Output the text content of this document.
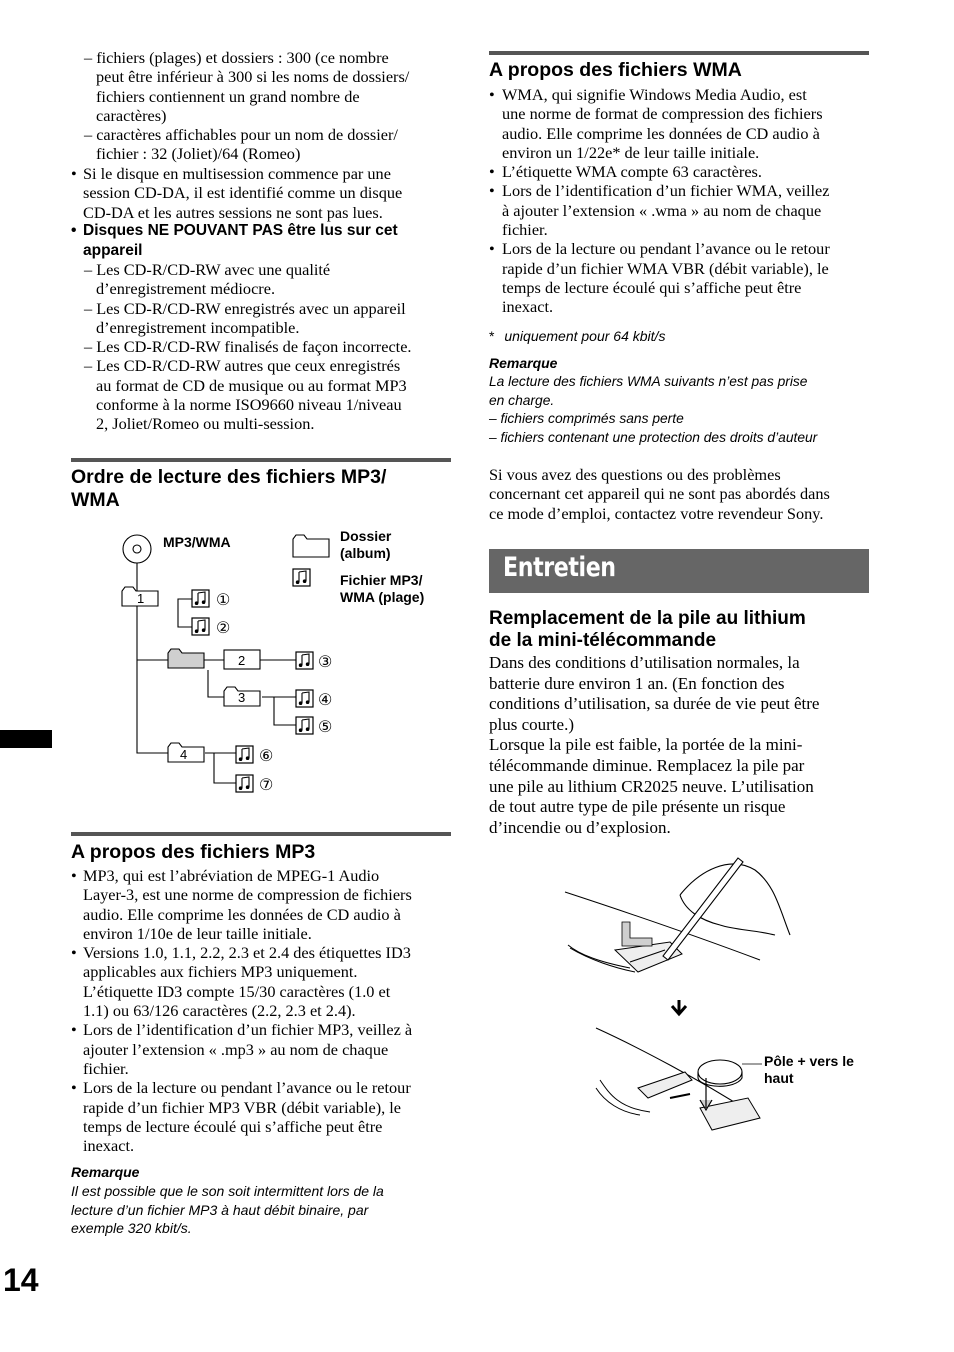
– fichiers (plages) et dossiers : 300 (ce nombre
peut être inférieur à 300 si les noms de dossiers/
fichiers contiennent un grand nombre de
caractères)
– caractères affichables pour un nom de dossier/
fichier : 32 (Joliet)/64 (Romeo)
• Si le disque en multisession commence par une
session CD-DA, il est identifié comme un disque
CD-DA et les autres sessions ne sont pas lues.
• Disques NE POUVANT PAS être lus sur cet
appareil
– Les CD-R/CD-RW avec une qualité
d’enregistrement médiocre.
– Les CD-R/CD-RW enregistrés avec un appareil
d’enregistrement incompatible.
– Les CD-R/CD-RW finalisés de façon incorrecte.
– Les CD-R/CD-RW autres que ceux enregistrés
au format de CD de musique ou au format MP3
conforme à la norme ISO9660 niveau 1/niveau
2, Joliet/Romeo ou multi-session.
Ordre de lecture des fichiers MP3/
WMA
MP3/WMA	Dossier
(album)
Fichier MP3/
WMA (plage)
1
2
3
4
①
②
③
④
⑤
⑥
⑦
A propos des fichiers MP3
• MP3, qui est l’abréviation de MPEG-1 Audio
Layer-3, est une norme de compression de fichiers
audio. Elle comprime les données de CD audio à
environ 1/10e de leur taille initiale.
• Versions 1.0, 1.1, 2.2, 2.3 et 2.4 des étiquettes ID3
applicables aux fichiers MP3 uniquement.
L’étiquette ID3 compte 15/30 caractères (1.0 et
1.1) ou 63/126 caractères (2.2, 2.3 et 2.4).
• Lors de l’identification d’un fichier MP3, veillez à
ajouter l’extension « .mp3 » au nom de chaque
fichier.
• Lors de la lecture ou pendant l’avance ou le retour
rapide d’un fichier MP3 VBR (débit variable), le
temps de lecture écoulé qui s’affiche peut être
inexact.
Remarque
Il est possible que le son soit intermittent lors de la
lecture d’un fichier MP3 à haut débit binaire, par
exemple 320 kbit/s.
14
A propos des fichiers WMA
• WMA, qui signifie Windows Media Audio, est
une norme de format de compression des fichiers
audio. Elle comprime les données de CD audio à
environ un 1/22e* de leur taille initiale.
• L’étiquette WMA compte 63 caractères.
• Lors de l’identification d’un fichier WMA, veillez
à ajouter l’extension « .wma » au nom de chaque
fichier.
• Lors de la lecture ou pendant l’avance ou le retour
rapide d’un fichier WMA VBR (débit variable), le
temps de lecture écoulé qui s’affiche peut être
inexact.
* uniquement pour 64 kbit/s
Remarque
La lecture des fichiers WMA suivants n’est pas prise
en charge.
– fichiers comprimés sans perte
– fichiers contenant une protection des droits d’auteur
Si vous avez des questions ou des problèmes
concernant cet appareil qui ne sont pas abordés dans
ce mode d’emploi, contactez votre revendeur Sony.
Entretien
Remplacement de la pile au lithium
de la mini-télécommande
Dans des conditions d’utilisation normales, la
batterie dure environ 1 an. (En fonction des
conditions d’utilisation, sa durée de vie peut être
plus courte.)
Lorsque la pile est faible, la portée de la mini-
télécommande diminue. Remplacez la pile par
une pile au lithium CR2025 neuve. L’utilisation
de tout autre type de pile présente un risque
d’incendie ou d’explosion.
Pôle + vers le
haut
